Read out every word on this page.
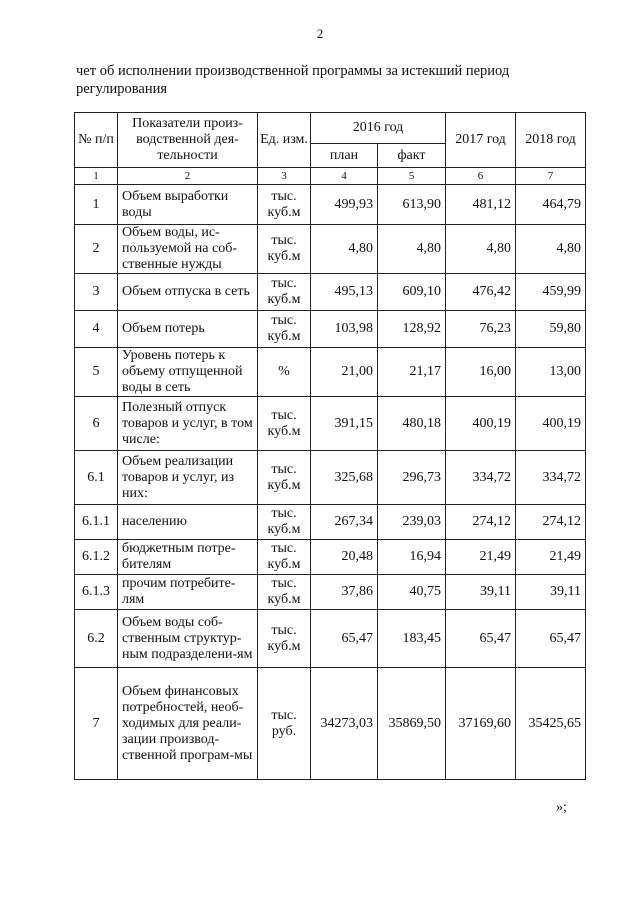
2
чет об исполнении производственной программы за истекший период регулирования
№ п/п	Показатели произ-водственной дея-тельности	Ед. изм.	2016 год		2017 год	2018 год
			план	факт		
1	2	3	4	5	6	7
1	Объем выработки воды	тыс. куб.м	499,93	613,90	481,12	464,79
2	Объем воды, ис-пользуемой на соб-ственные нужды	тыс. куб.м	4,80	4,80	4,80	4,80
3	Объем отпуска в сеть	тыс. куб.м	495,13	609,10	476,42	459,99
4	Объем потерь	тыс. куб.м	103,98	128,92	76,23	59,80
5	Уровень потерь к объему отпущенной воды в сеть	%	21,00	21,17	16,00	13,00
6	Полезный отпуск товаров и услуг, в том числе:	тыс. куб.м	391,15	480,18	400,19	400,19
6.1	Объем реализации товаров и услуг, из них:	тыс. куб.м	325,68	296,73	334,72	334,72
6.1.1	населению	тыс. куб.м	267,34	239,03	274,12	274,12
6.1.2	бюджетным потре-бителям	тыс. куб.м	20,48	16,94	21,49	21,49
6.1.3	прочим потребите-лям	тыс. куб.м	37,86	40,75	39,11	39,11
6.2	Объем воды соб-ственным структур-ным подразделени-ям	тыс. куб.м	65,47	183,45	65,47	65,47
7	Объем финансовых потребностей, необ-ходимых для реали-зации производ-ственной програм-мы	тыс. руб.	34273,03	35869,50	37169,60	35425,65
»;
